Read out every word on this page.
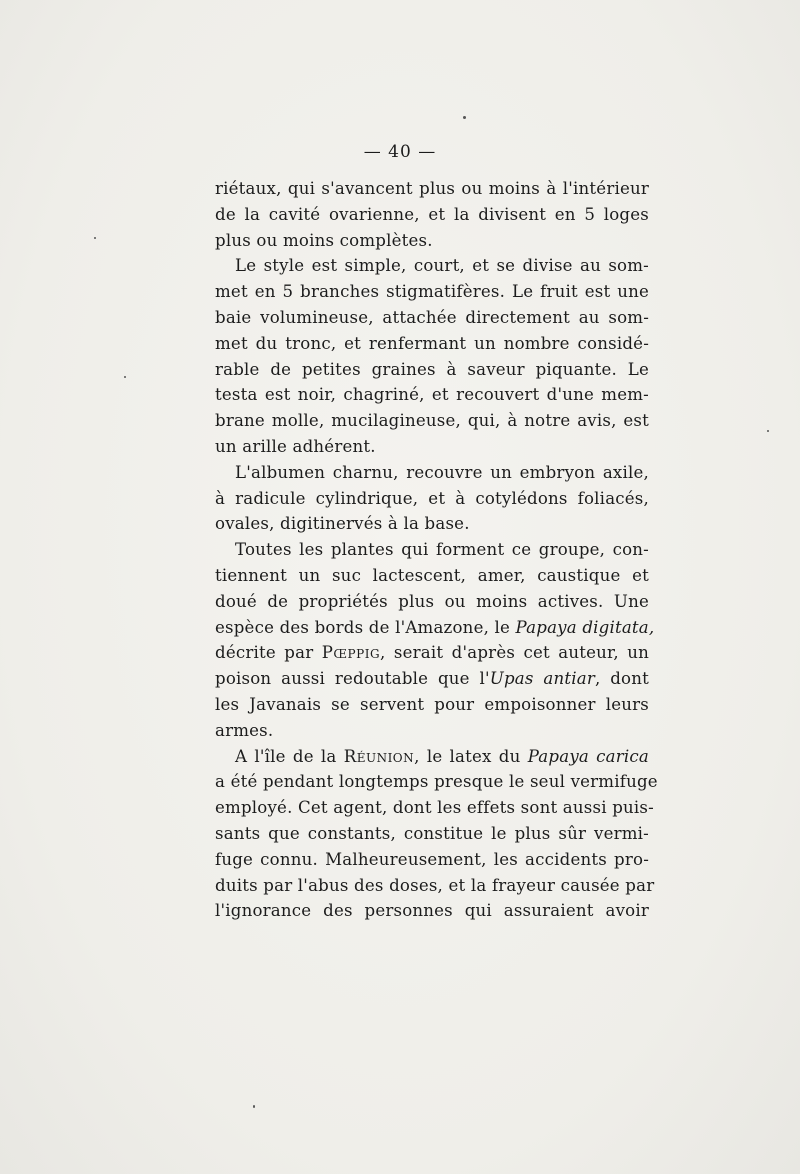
— 40 —
riétaux, qui s'avancent plus ou moins à l'intérieur
de la cavité ovarienne, et la divisent en 5 loges
plus ou moins complètes.
Le style est simple, court, et se divise au som-
met en 5 branches stigmatifères. Le fruit est une
baie volumineuse, attachée directement au som-
met du tronc, et renfermant un nombre considé-
rable de petites graines à saveur piquante. Le
testa est noir, chagriné, et recouvert d'une mem-
brane molle, mucilagineuse, qui, à notre avis, est
un arille adhérent.
L'albumen charnu, recouvre un embryon axile,
à radicule cylindrique, et à cotylédons foliacés,
ovales, digitinervés à la base.
Toutes les plantes qui forment ce groupe, con-
tiennent un suc lactescent, amer, caustique et
doué de propriétés plus ou moins actives. Une
espèce des bords de l'Amazone, le Papaya digitata,
décrite par Pœppig, serait d'après cet auteur, un
poison aussi redoutable que l'Upas antiar, dont
les Javanais se servent pour empoisonner leurs
armes.
A l'île de la Réunion, le latex du Papaya carica
a été pendant longtemps presque le seul vermifuge
employé. Cet agent, dont les effets sont aussi puis-
sants que constants, constitue le plus sûr vermi-
fuge connu. Malheureusement, les accidents pro-
duits par l'abus des doses, et la frayeur causée par
l'ignorance des personnes qui assuraient avoir
